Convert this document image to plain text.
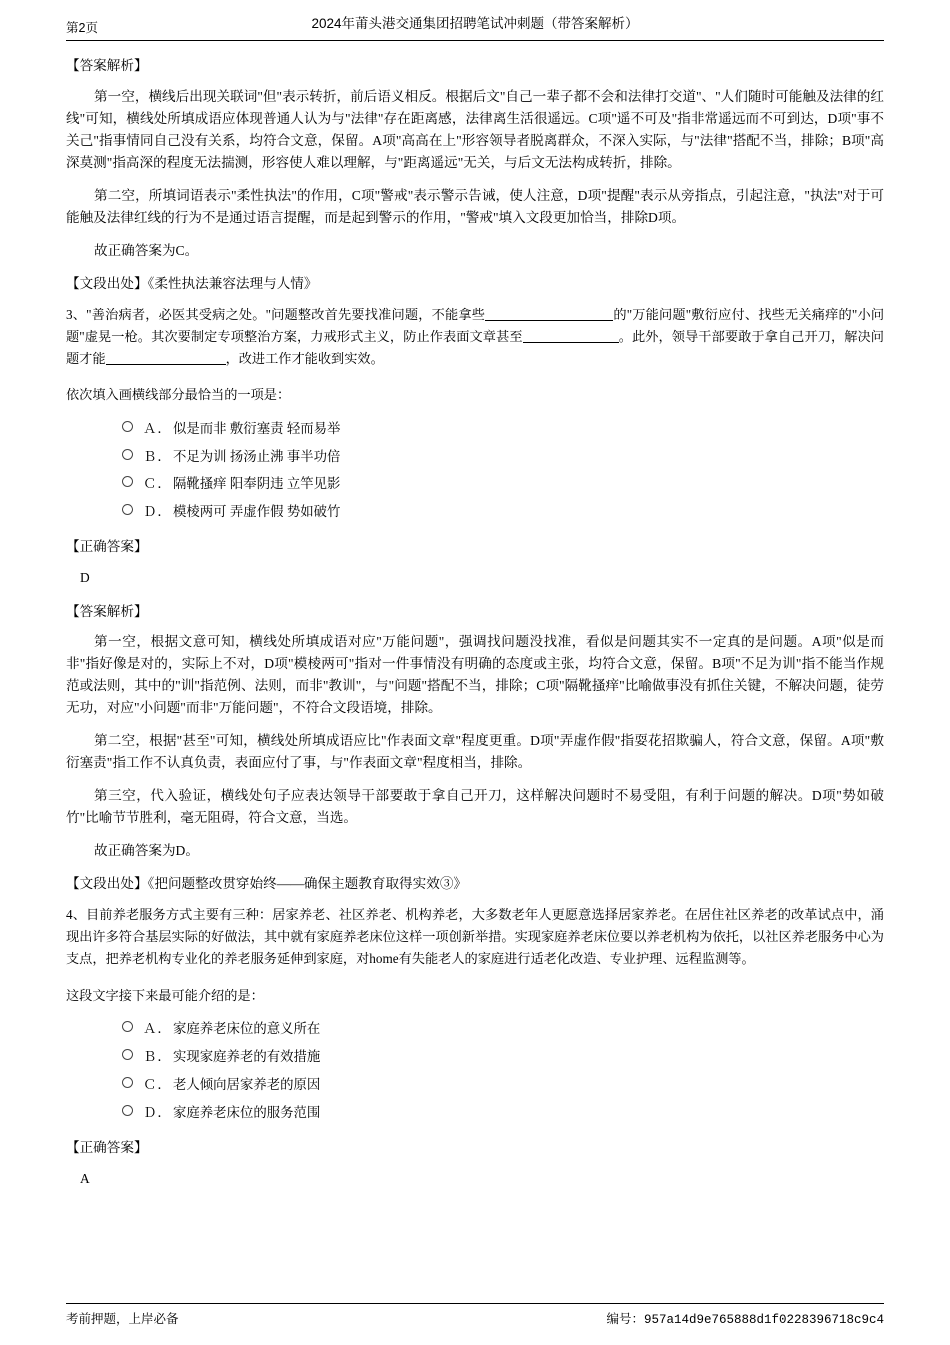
第2页	2024年莆头港交通集团招聘笔试冲刺题（带答案解析）
【答案解析】

第一空，横线后出现关联词"但"表示转折，前后语义相反。根据后文"自己一辈子都不会和法律打交道"、"人们随时可能触及法律的红线"可知，横线处所填成语应体现普通人认为与"法律"存在距离感，法律离生活很遥远。C项"遥不可及"指非常遥远而不可到达，D项"事不关己"指事情同自己没有关系，均符合文意，保留。A项"高高在上"形容领导者脱离群众，不深入实际，与"法律"搭配不当，排除；B项"高深莫测"指高深的程度无法揣测，形容使人难以理解，与"距离遥远"无关，与后文无法构成转折，排除。

第二空，所填词语表示"柔性执法"的作用，C项"警戒"表示警示告诫，使人注意，D项"提醒"表示从旁指点，引起注意，"执法"对于可能触及法律红线的行为不是通过语言提醒，而是起到警示的作用，"警戒"填入文段更加恰当，排除D项。

故正确答案为C。

【文段出处】《柔性执法兼容法理与人情》

3、"善治病者，必医其受病之处。"问题整改首先要找准问题，不能拿些	的"万能问题"敷衍应付、找些无关痛痒的"小问题"虚晃一枪。其次要制定专项整治方案，力戒形式主义，防止作表面文章甚至	。此外，领导干部要敢于拿自己开刀，解决问题才能	，改进工作才能收到实效。

依次填入画横线部分最恰当的一项是：

Ａ． 似是而非 敷衍塞责 轻而易举
Ｂ． 不足为训 扬汤止沸 事半功倍
Ｃ． 隔靴搔痒 阳奉阴违 立竿见影
Ｄ． 模棱两可 弄虚作假 势如破竹
【正确答案】
D
【答案解析】

第一空，根据文意可知，横线处所填成语对应"万能问题"，强调找问题没找准，看似是问题其实不一定真的是问题。A项"似是而非"指好像是对的，实际上不对，D项"模棱两可"指对一件事情没有明确的态度或主张，均符合文意，保留。B项"不足为训"指不能当作规范或法则，其中的"训"指范例、法则，而非"教训"，与"问题"搭配不当，排除；C项"隔靴搔痒"比喻做事没有抓住关键，不解决问题，徒劳无功，对应"小问题"而非"万能问题"，不符合文段语境，排除。

第二空，根据"甚至"可知，横线处所填成语应比"作表面文章"程度更重。D项"弄虚作假"指耍花招欺骗人，符合文意，保留。A项"敷衍塞责"指工作不认真负责，表面应付了事，与"作表面文章"程度相当，排除。

第三空，代入验证，横线处句子应表达领导干部要敢于拿自己开刀，这样解决问题时不易受阻，有利于问题的解决。D项"势如破竹"比喻节节胜利，毫无阻碍，符合文意，当选。

故正确答案为D。

【文段出处】《把问题整改贯穿始终——确保主题教育取得实效③》

4、目前养老服务方式主要有三种：居家养老、社区养老、机构养老，大多数老年人更愿意选择居家养老。在居住社区养老的改革试点中，涌现出许多符合基层实际的好做法，其中就有家庭养老床位这样一项创新举措。实现家庭养老床位要以养老机构为依托，以社区养老服务中心为支点，把养老机构专业化的养老服务延伸到家庭，对home有失能老人的家庭进行适老化改造、专业护理、远程监测等。

这段文字接下来最可能介绍的是：

Ａ． 家庭养老床位的意义所在
Ｂ． 实现家庭养老的有效措施
Ｃ． 老人倾向居家养老的原因
Ｄ． 家庭养老床位的服务范围
【正确答案】
A
考前押题，上岸必备	编号：957a14d9e765888d1f0228396718c9c4
